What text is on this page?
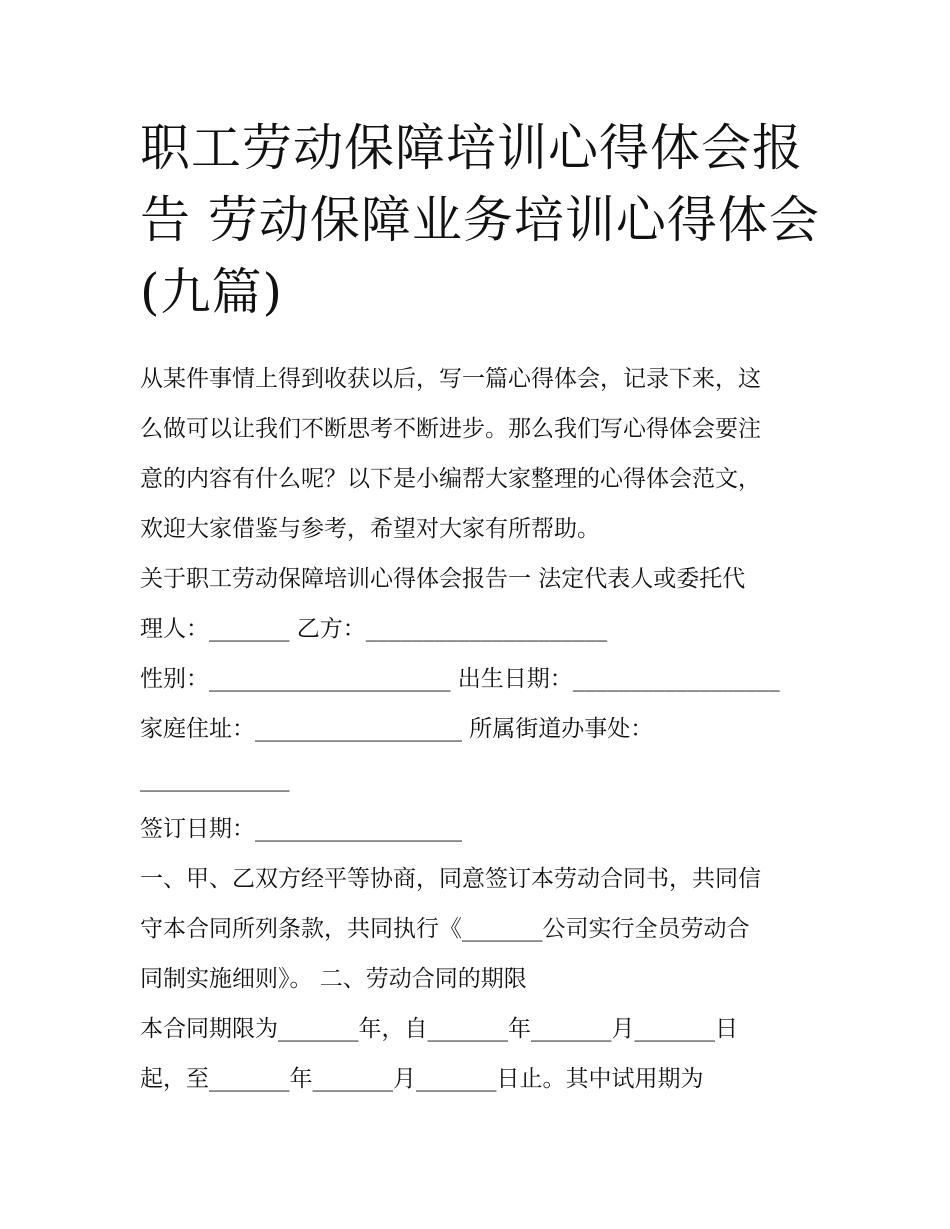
职工劳动保障培训心得体会报
告 劳动保障业务培训心得体会
(九篇)
从某件事情上得到收获以后，写一篇心得体会，记录下来，这
么做可以让我们不断思考不断进步。那么我们写心得体会要注
意的内容有什么呢？以下是小编帮大家整理的心得体会范文，
欢迎大家借鉴与参考，希望对大家有所帮助。
关于职工劳动保障培训心得体会报告一 法定代表人或委托代
理人：_______ 乙方：_____________________
性别：_____________________ 出生日期：__________________
家庭住址：__________________ 所属街道办事处：
_____________
签订日期：__________________
一、甲、乙双方经平等协商，同意签订本劳动合同书，共同信
守本合同所列条款，共同执行《_______公司实行全员劳动合
同制实施细则》。 二、劳动合同的期限
本合同期限为_______年，自_______年_______月_______日
起，至_______年_______月_______日止。其中试用期为
